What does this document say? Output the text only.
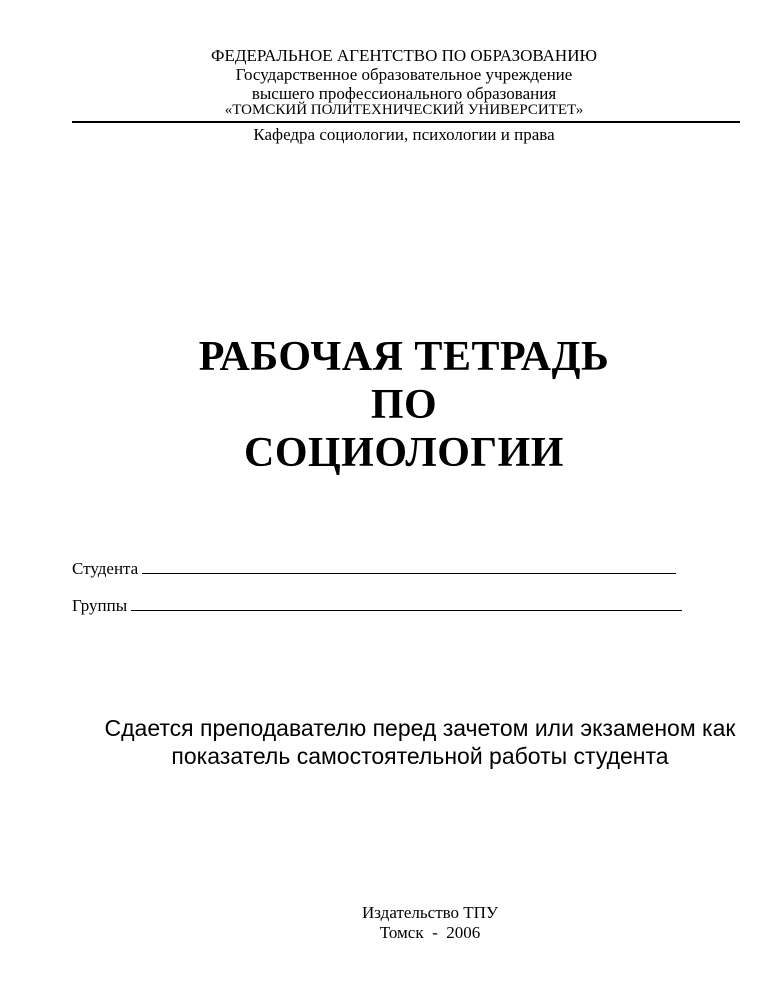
ФЕДЕРАЛЬНОЕ АГЕНТСТВО ПО ОБРАЗОВАНИЮ
Государственное образовательное учреждение
высшего профессионального образования
«ТОМСКИЙ ПОЛИТЕХНИЧЕСКИЙ УНИВЕРСИТЕТ»
Кафедра социологии, психологии и права
РАБОЧАЯ ТЕТРАДЬ
ПО
СОЦИОЛОГИИ
Студента
Группы
Сдается преподавателю перед зачетом или экзаменом как
показатель самостоятельной работы студента
Издательство ТПУ
Томск  -  2006
